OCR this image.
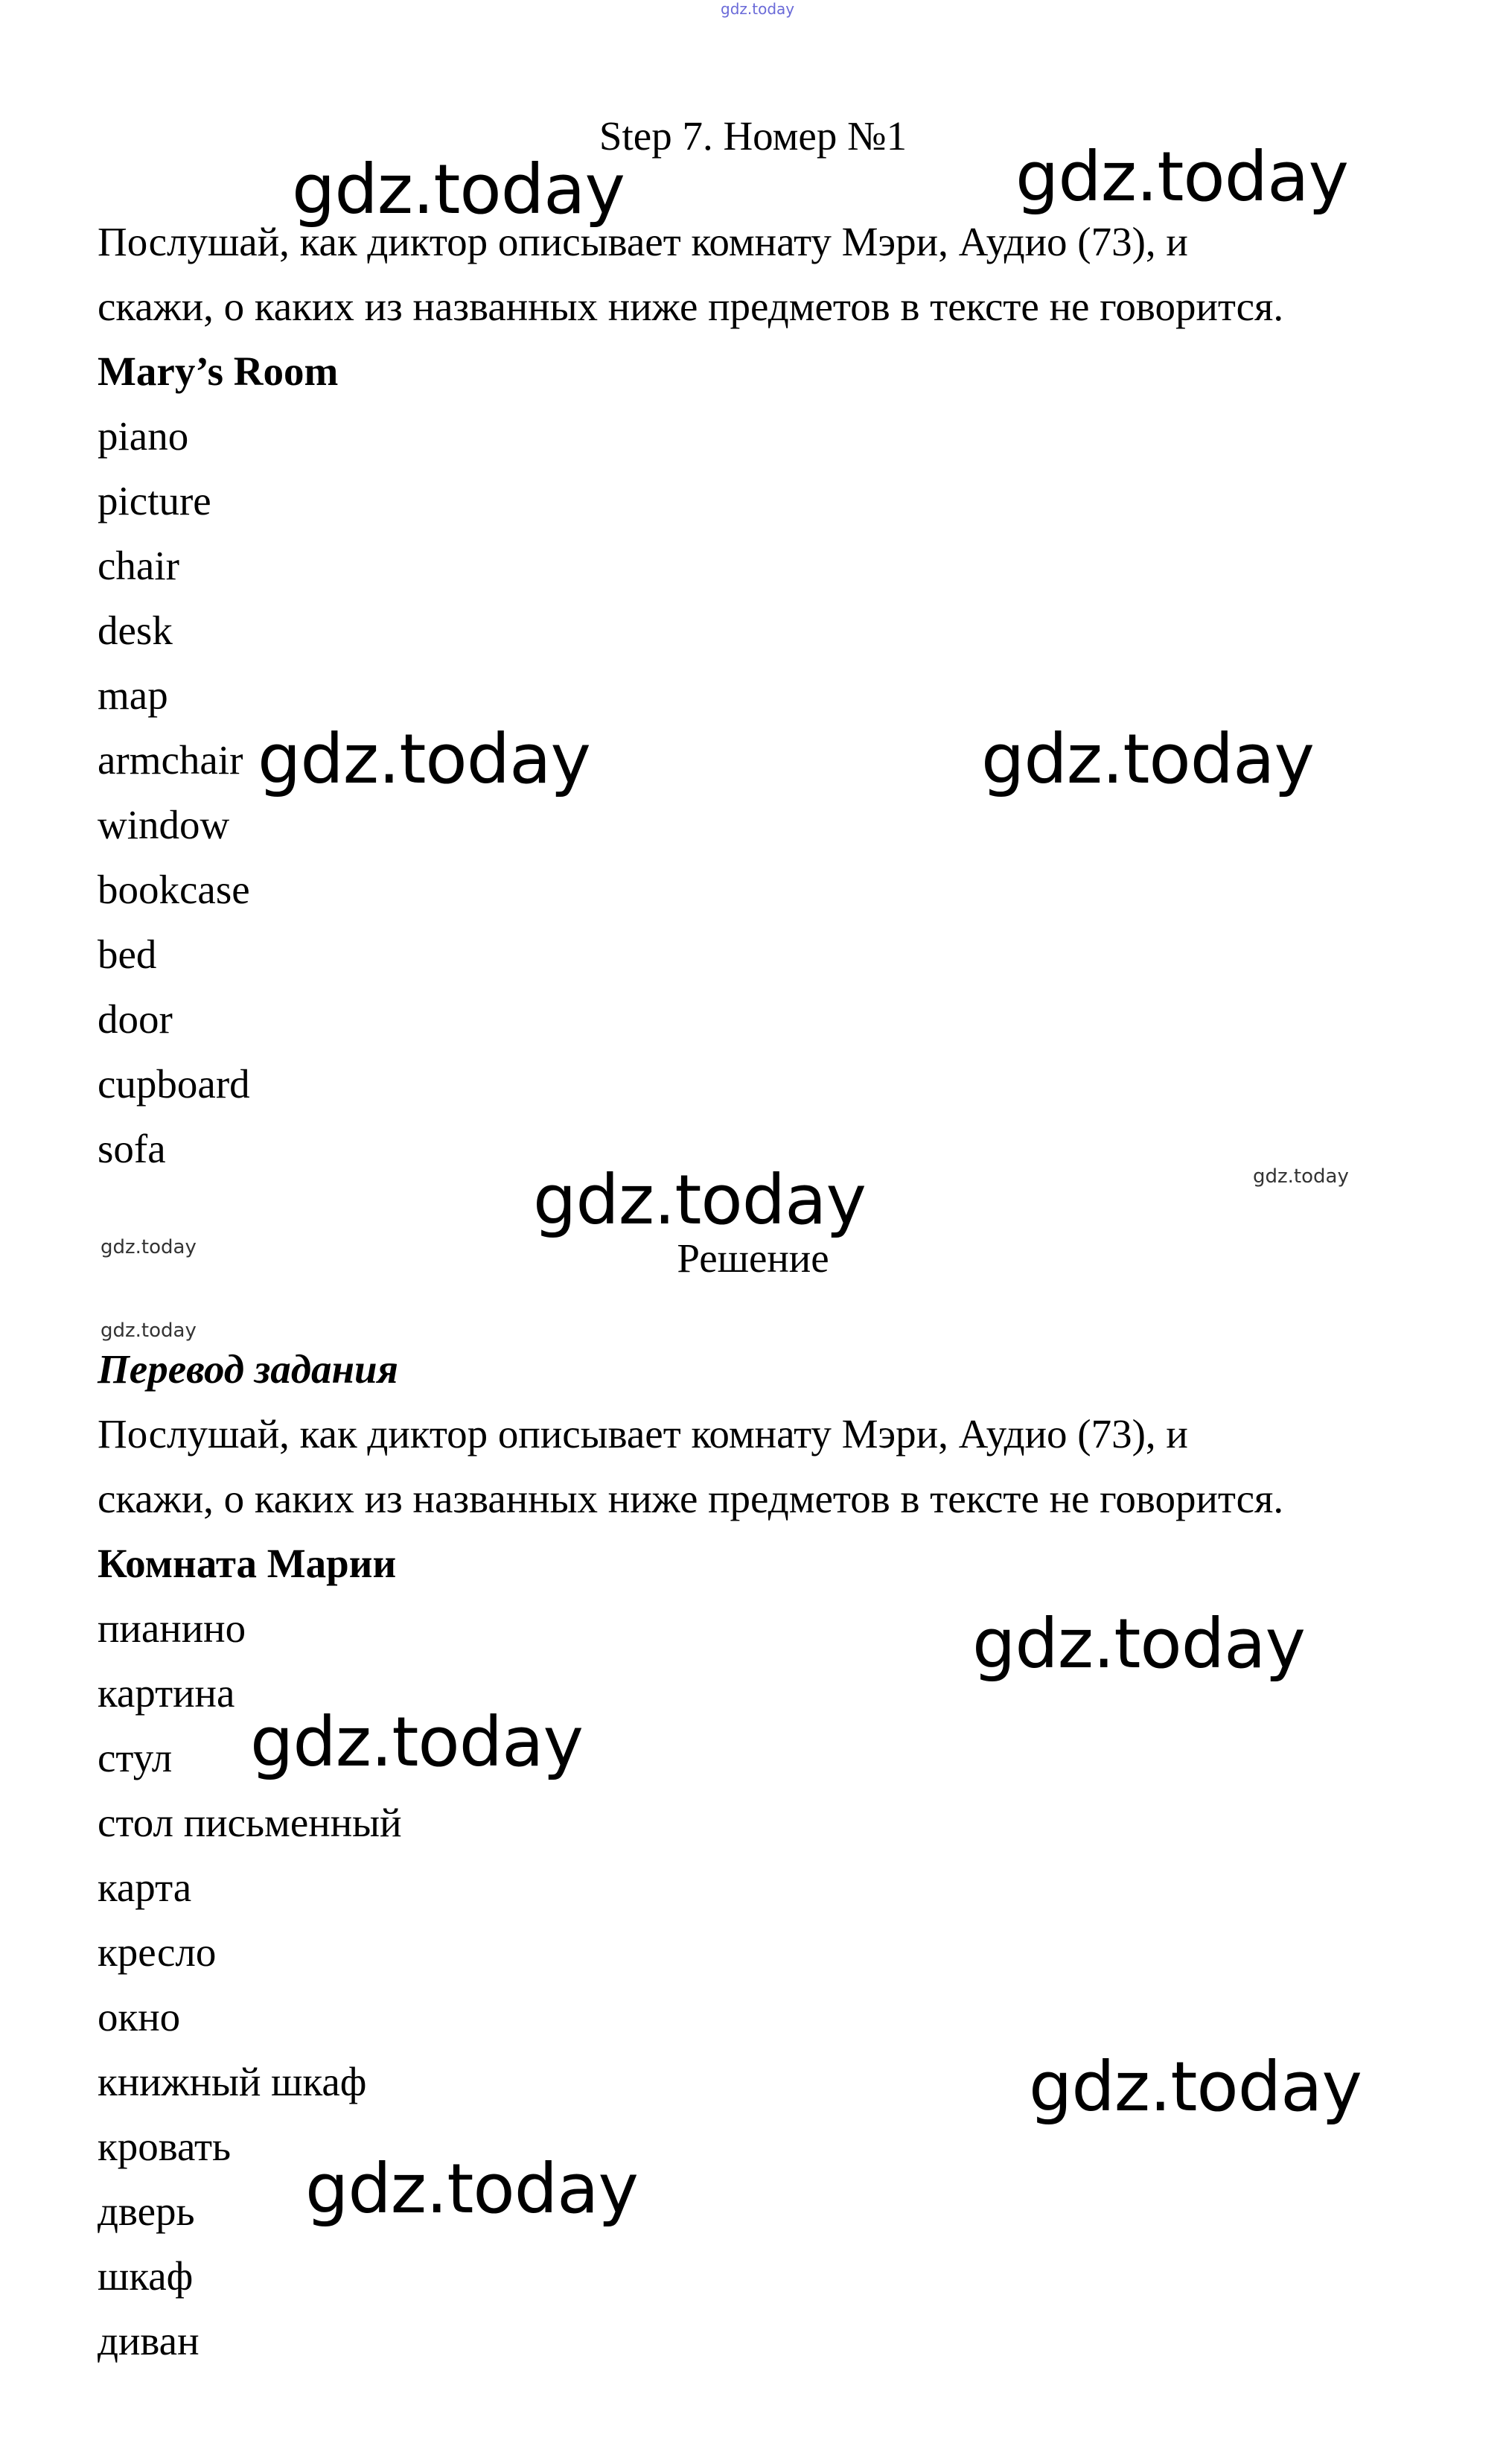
gdz.today
Step 7. Номер №1
Послушай, как диктор описывает комнату Мэри, Аудио (73), и
скажи, о каких из названных ниже предметов в тексте не говорится.
Mary’s Room
piano
picture
chair
desk
map
armchair
window
bookcase
bed
door
cupboard
sofa
Решение
Перевод задания
Послушай, как диктор описывает комнату Мэри, Аудио (73), и
скажи, о каких из названных ниже предметов в тексте не говорится.
Комната Марии
пианино
картина
стул
стол письменный
карта
кресло
окно
книжный шкаф
кровать
дверь
шкаф
диван
gdz.today	gdz.today
gdz.today	gdz.today
gdz.today	gdz.today
gdz.today
gdz.today
gdz.today
gdz.today
gdz.today
gdz.today
